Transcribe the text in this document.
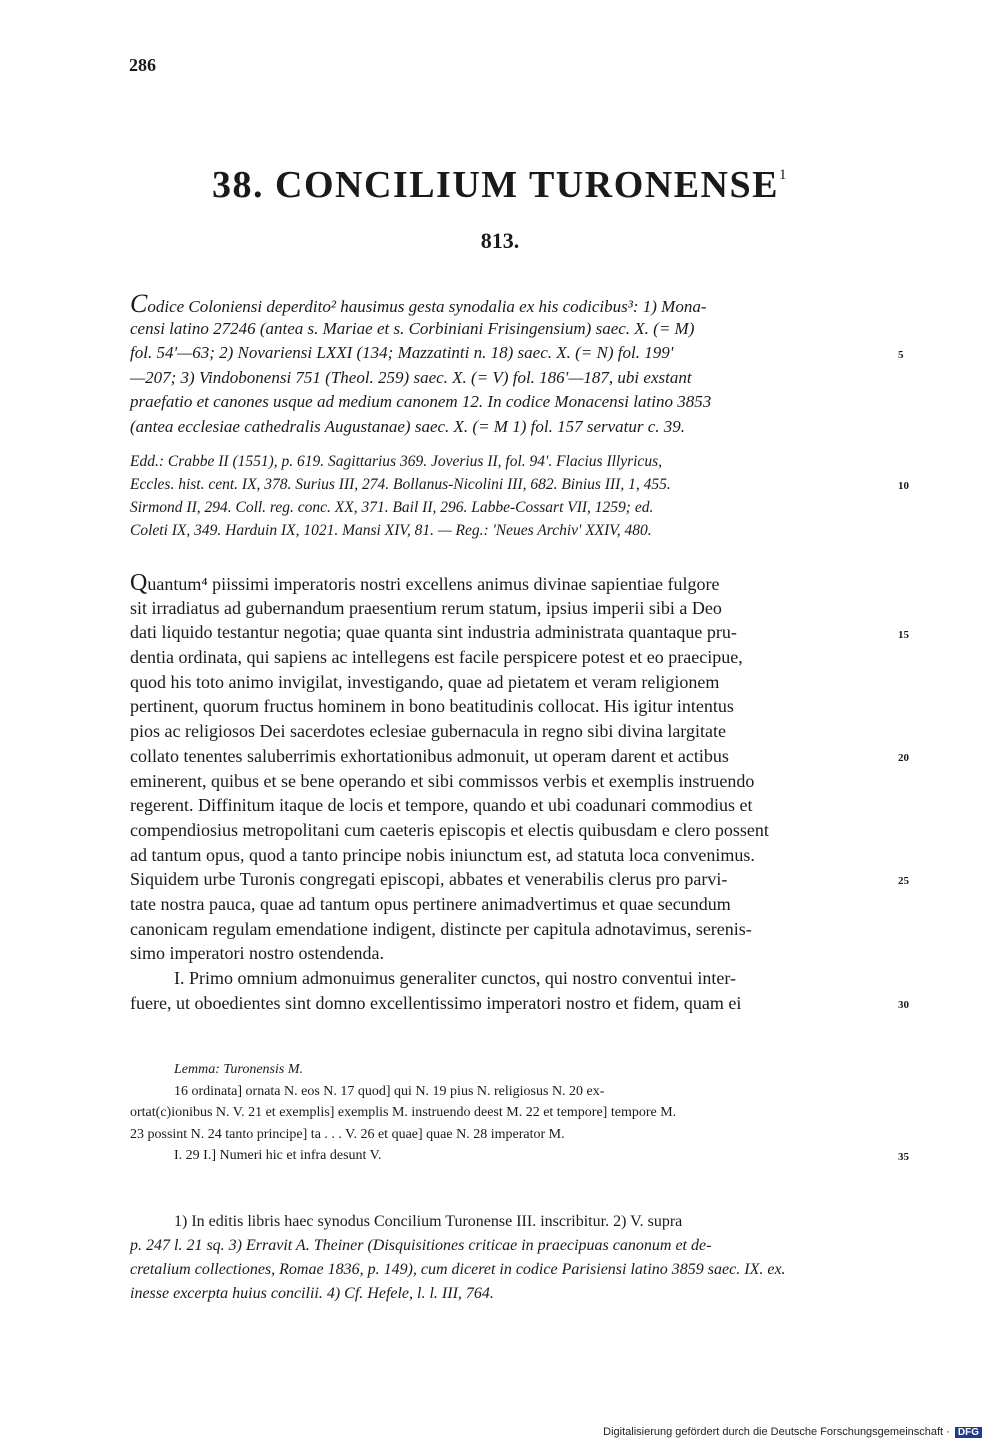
286
38. CONCILIUM TURONENSE$^1$
813.
Codice Coloniensi deperdito² hausimus gesta synodalia ex his codicibus³: 1) Mona-
censi latino 27246 (antea s. Mariae et s. Corbiniani Frisingensium) saec. X. (= M)
fol. 54'—63; 2) Novariensi LXXI (134; Mazzatinti n. 18) saec. X. (= N) fol. 199'
—207; 3) Vindobonensi 751 (Theol. 259) saec. X. (= V) fol. 186'—187, ubi exstant
praefatio et canones usque ad medium canonem 12. In codice Monacensi latino 3853
(antea ecclesiae cathedralis Augustanae) saec. X. (= M 1) fol. 157 servatur c. 39.
Edd.: Crabbe II (1551), p. 619. Sagittarius 369. Joverius II, fol. 94'. Flacius Illyricus,
Eccles. hist. cent. IX, 378. Surius III, 274. Bollanus-Nicolini III, 682. Binius III, 1, 455.
Sirmond II, 294. Coll. reg. conc. XX, 371. Bail II, 296. Labbe-Cossart VII, 1259; ed.
Coleti IX, 349. Harduin IX, 1021. Mansi XIV, 81. — Reg.: 'Neues Archiv' XXIV, 480.
Quantum⁴ piissimi imperatoris nostri excellens animus divinae sapientiae fulgore
sit irradiatus ad gubernandum praesentium rerum statum, ipsius imperii sibi a Deo
dati liquido testantur negotia; quae quanta sint industria administrata quantaque pru-
dentia ordinata, qui sapiens ac intellegens est facile perspicere potest et eo praecipue,
quod his toto animo invigilat, investigando, quae ad pietatem et veram religionem
pertinent, quorum fructus hominem in bono beatitudinis collocat. His igitur intentus
pios ac religiosos Dei sacerdotes eclesiae gubernacula in regno sibi divina largitate
collato tenentes saluberrimis exhortationibus admonuit, ut operam darent et actibus
eminerent, quibus et se bene operando et sibi commissos verbis et exemplis instruendo
regerent. Diffinitum itaque de locis et tempore, quando et ubi coadunari commodius et
compendiosius metropolitani cum caeteris episcopis et electis quibusdam e clero possent
ad tantum opus, quod a tanto principe nobis iniunctum est, ad statuta loca convenimus.
Siquidem urbe Turonis congregati episcopi, abbates et venerabilis clerus pro parvi-
tate nostra pauca, quae ad tantum opus pertinere animadvertimus et quae secundum
canonicam regulam emendatione indigent, distincte per capitula adnotavimus, serenis-
simo imperatori nostro ostendenda.
I. Primo omnium admonuimus generaliter cunctos, qui nostro conventui inter-
fuere, ut oboedientes sint domno excellentissimo imperatori nostro et fidem, quam ei
Lemma: Turonensis M.
16 ordinata] ornata N. eos N. 17 quod] qui N. 19 pius N. religiosus N. 20 ex-
ortat(c)ionibus N. V. 21 et exemplis] exemplis M. instruendo deest M. 22 et tempore] tempore M.
23 possint N. 24 tanto principe] ta . . . V. 26 et quae] quae N. 28 imperator M.
I. 29 I.] Numeri hic et infra desunt V.
1) In editis libris haec synodus Concilium Turonense III. inscribitur. 2) V. supra
p. 247 l. 21 sq. 3) Erravit A. Theiner (Disquisitiones criticae in praecipuas canonum et de-
cretalium collectiones, Romae 1836, p. 149), cum diceret in codice Parisiensi latino 3859 saec. IX. ex.
inesse excerpta huius concilii. 4) Cf. Hefele, l. l. III, 764.
5
10
15
20
25
30
35
Digitalisierung gefördert durch die Deutsche Forschungsgemeinschaft · DFG
